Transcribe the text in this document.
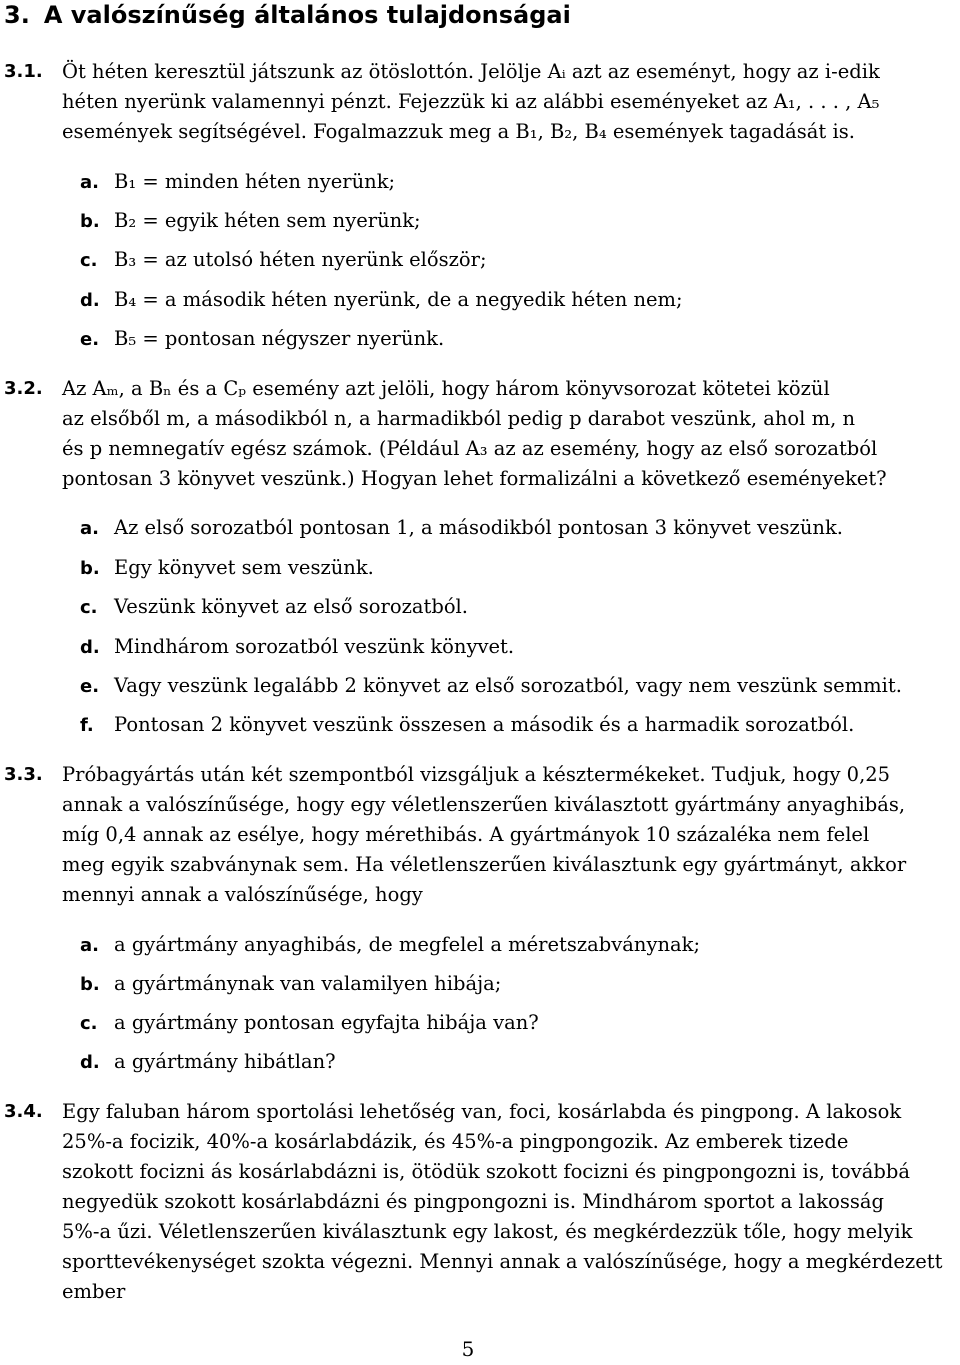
3. A valószínűség általános tulajdonságai
3.1. Öt héten keresztül játszunk az ötöslottón. Jelölje Aᵢ azt az eseményt, hogy az i-edik
héten nyerünk valamennyi pénzt. Fejezzük ki az alábbi eseményeket az A₁, . . . , A₅
események segítségével. Fogalmazzuk meg a B₁, B₂, B₄ események tagadását is.
a. B₁ = minden héten nyerünk;
b. B₂ = egyik héten sem nyerünk;
c. B₃ = az utolsó héten nyerünk először;
d. B₄ = a második héten nyerünk, de a negyedik héten nem;
e. B₅ = pontosan négyszer nyerünk.
3.2. Az Aₘ, a Bₙ és a Cₚ esemény azt jelöli, hogy három könyvsorozat kötetei közül
az elsőből m, a másodikból n, a harmadikból pedig p darabot veszünk, ahol m, n
és p nemnegatív egész számok. (Például A₃ az az esemény, hogy az első sorozatból
pontosan 3 könyvet veszünk.) Hogyan lehet formalizálni a következő eseményeket?
a. Az első sorozatból pontosan 1, a másodikból pontosan 3 könyvet veszünk.
b. Egy könyvet sem veszünk.
c. Veszünk könyvet az első sorozatból.
d. Mindhárom sorozatból veszünk könyvet.
e. Vagy veszünk legalább 2 könyvet az első sorozatból, vagy nem veszünk semmit.
f. Pontosan 2 könyvet veszünk összesen a második és a harmadik sorozatból.
3.3. Próbagyártás után két szempontból vizsgáljuk a késztermékeket. Tudjuk, hogy 0,25
annak a valószínűsége, hogy egy véletlenszerűen kiválasztott gyártmány anyaghibás,
míg 0,4 annak az esélye, hogy mérethibás. A gyártmányok 10 százaléka nem felel
meg egyik szabványnak sem. Ha véletlenszerűen kiválasztunk egy gyártmányt, akkor
mennyi annak a valószínűsége, hogy
a. a gyártmány anyaghibás, de megfelel a méretszabványnak;
b. a gyártmánynak van valamilyen hibája;
c. a gyártmány pontosan egyfajta hibája van?
d. a gyártmány hibátlan?
3.4. Egy faluban három sportolási lehetőség van, foci, kosárlabda és pingpong. A lakosok
25%-a focizik, 40%-a kosárlabdázik, és 45%-a pingpongozik. Az emberek tizede
szokott focizni ás kosárlabdázni is, ötödük szokott focizni és pingpongozni is, továbbá
negyedük szokott kosárlabdázni és pingpongozni is. Mindhárom sportot a lakosság
5%-a űzi. Véletlenszerűen kiválasztunk egy lakost, és megkérdezzük tőle, hogy melyik
sporttevékenységet szokta végezni. Mennyi annak a valószínűsége, hogy a megkérdezett
ember
5
